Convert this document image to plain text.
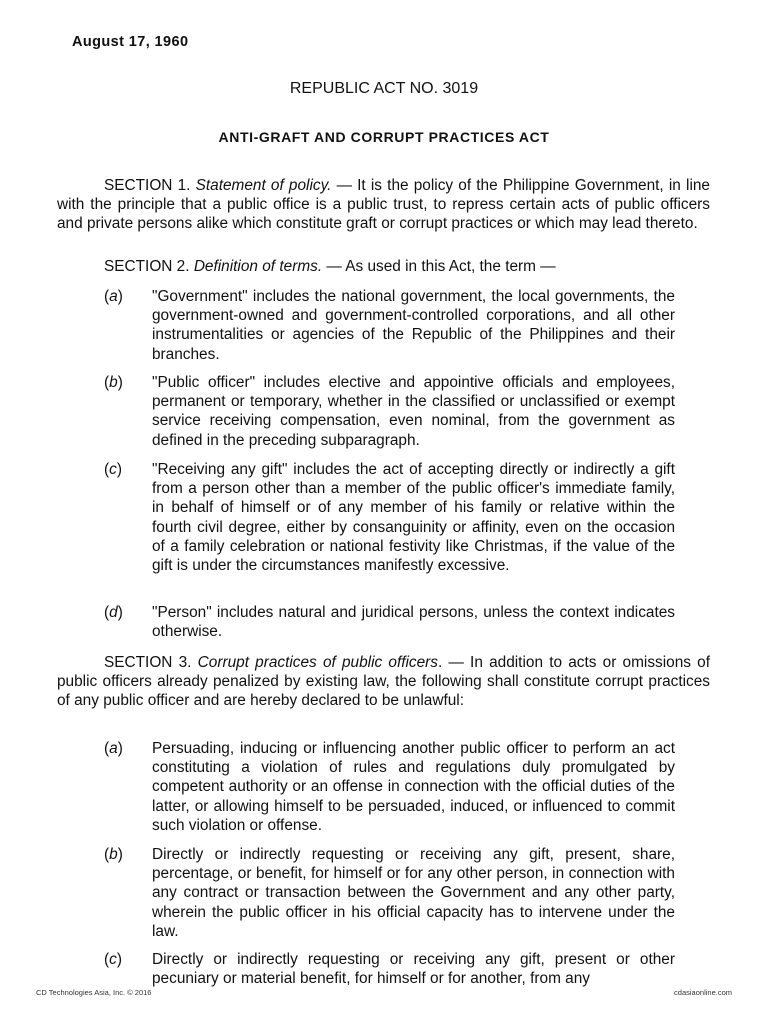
August 17, 1960
REPUBLIC ACT NO. 3019
ANTI-GRAFT AND CORRUPT PRACTICES ACT
SECTION 1. Statement of policy. — It is the policy of the Philippine Government, in line with the principle that a public office is a public trust, to repress certain acts of public officers and private persons alike which constitute graft or corrupt practices or which may lead thereto.
SECTION 2. Definition of terms. — As used in this Act, the term —
(a) "Government" includes the national government, the local governments, the government-owned and government-controlled corporations, and all other instrumentalities or agencies of the Republic of the Philippines and their branches.
(b) "Public officer" includes elective and appointive officials and employees, permanent or temporary, whether in the classified or unclassified or exempt service receiving compensation, even nominal, from the government as defined in the preceding subparagraph.
(c) "Receiving any gift" includes the act of accepting directly or indirectly a gift from a person other than a member of the public officer's immediate family, in behalf of himself or of any member of his family or relative within the fourth civil degree, either by consanguinity or affinity, even on the occasion of a family celebration or national festivity like Christmas, if the value of the gift is under the circumstances manifestly excessive.
(d) "Person" includes natural and juridical persons, unless the context indicates otherwise.
SECTION 3. Corrupt practices of public officers. — In addition to acts or omissions of public officers already penalized by existing law, the following shall constitute corrupt practices of any public officer and are hereby declared to be unlawful:
(a) Persuading, inducing or influencing another public officer to perform an act constituting a violation of rules and regulations duly promulgated by competent authority or an offense in connection with the official duties of the latter, or allowing himself to be persuaded, induced, or influenced to commit such violation or offense.
(b) Directly or indirectly requesting or receiving any gift, present, share, percentage, or benefit, for himself or for any other person, in connection with any contract or transaction between the Government and any other party, wherein the public officer in his official capacity has to intervene under the law.
(c) Directly or indirectly requesting or receiving any gift, present or other pecuniary or material benefit, for himself or for another, from any
CD Technologies Asia, Inc. © 2016	cdasiaonline.com
